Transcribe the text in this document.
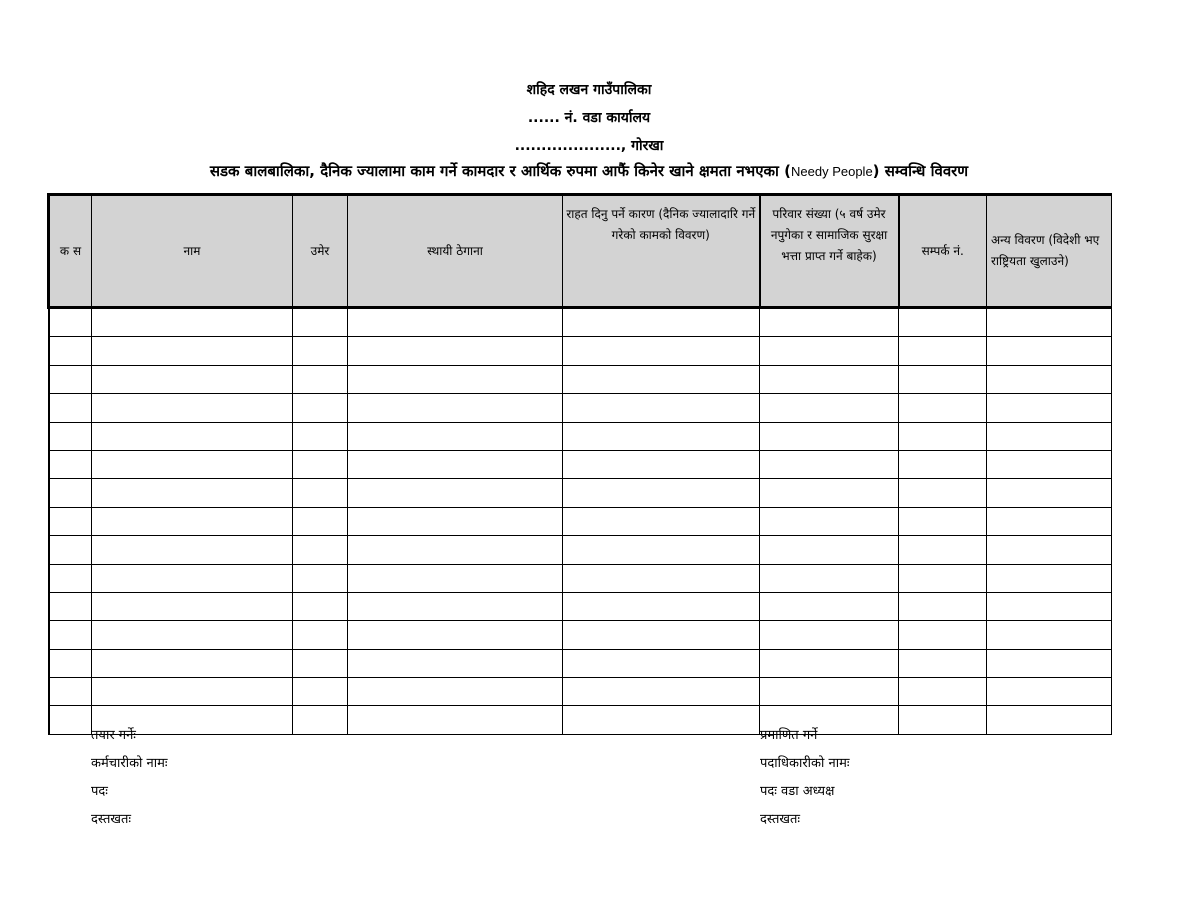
शहिद लखन गाउँपालिका
...... नं. वडा कार्यालय
...................., गोरखा
सडक बालबालिका, दैनिक ज्यालामा काम गर्ने कामदार र आर्थिक रुपमा आफैं किनेर खाने क्षमता नभएका (Needy People) सम्वन्धि विवरण
क स	नाम	उमेर	स्थायी ठेगाना	राहत दिनु पर्ने कारण (दैनिक ज्यालादारि गर्ने गरेको कामको विवरण)	परिवार संख्या (५ वर्ष उमेर नपुगेका र सामाजिक सुरक्षा भत्ता प्राप्त गर्ने बाहेक)	सम्पर्क नं.	अन्य विवरण (विदेशी भए राष्ट्रियता खुलाउने)

तयार गर्नेः
कर्मचारीको नामः
पदः
दस्तखतः
प्रमाणित गर्ने
पदाधिकारीको नामः
पदः वडा अध्यक्ष
दस्तखतः
